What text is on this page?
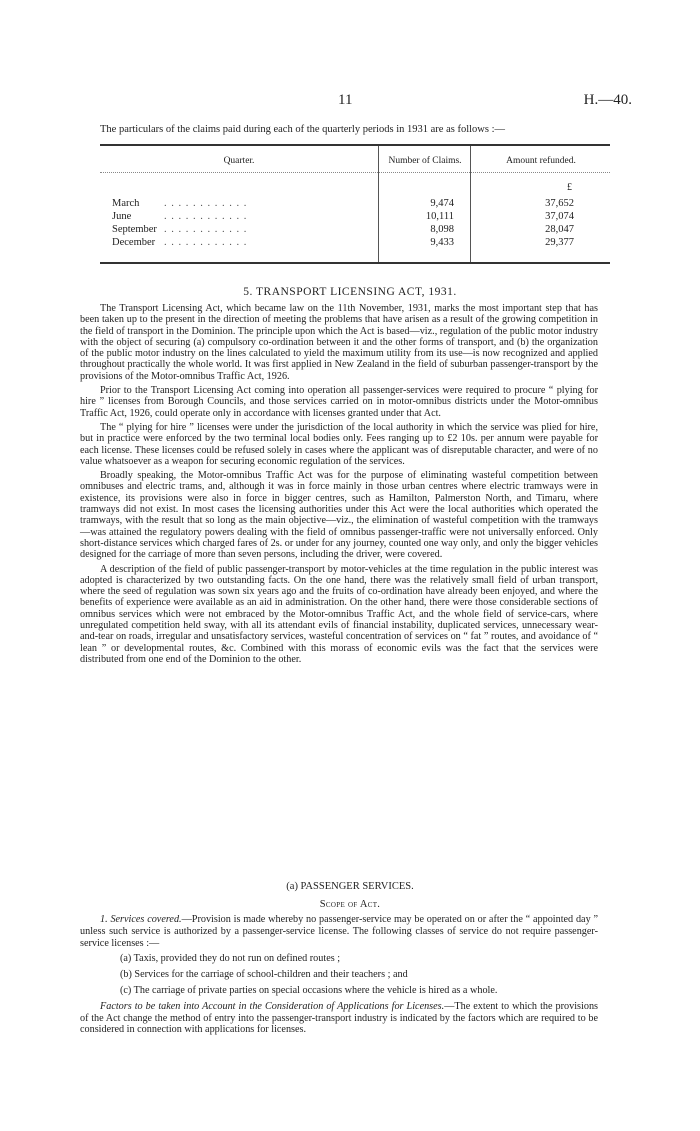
11	H.—40.
The particulars of the claims paid during each of the quarterly periods in 1931 are as follows :—
Quarter.	Number of Claims.	Amount refunded.
£
March . . . . . . . . . . . .	9,474	37,652
June	. . . . . . . . . . . .	10,111	37,074
September . . . . . . . . . . . .	8,098	28,047
December . . . . . . . . . . . .	9,433	29,377
5. TRANSPORT LICENSING ACT, 1931.

The Transport Licensing Act, which became law on the 11th November, 1931, marks the most important step that has been taken up to the present in the direction of meeting the problems that have arisen as a result of the growing competition in the field of transport in the Dominion. The principle upon which the Act is based—viz., regulation of the public motor industry with the object of securing (a) compulsory co-ordination between it and the other forms of transport, and (b) the organization of the public motor industry on the lines calculated to yield the maximum utility from its use—is now recognized and applied throughout practically the whole world. It was first applied in New Zealand in the field of suburban passenger-transport by the provisions of the Motor-omnibus Traffic Act, 1926.

Prior to the Transport Licensing Act coming into operation all passenger-services were required to procure “ plying for hire ” licenses from Borough Councils, and those services carried on in motor-omnibus districts under the Motor-omnibus Traffic Act, 1926, could operate only in accordance with licenses granted under that Act.

The “ plying for hire ” licenses were under the jurisdiction of the local authority in which the service was plied for hire, but in practice were enforced by the two terminal local bodies only. Fees ranging up to £2 10s. per annum were payable for each license. These licenses could be refused solely in cases where the applicant was of disreputable character, and were of no value whatsoever as a weapon for securing economic regulation of the services.

Broadly speaking, the Motor-omnibus Traffic Act was for the purpose of eliminating wasteful competition between omnibuses and electric trams, and, although it was in force mainly in those urban centres where electric tramways were in existence, its provisions were also in force in bigger centres, such as Hamilton, Palmerston North, and Timaru, where tramways did not exist. In most cases the licensing authorities under this Act were the local authorities which operated the tramways, with the result that so long as the main objective—viz., the elimination of wasteful competition with the tramways—was attained the regulatory powers dealing with the field of omnibus passenger-traffic were not universally enforced. Only short-distance services which charged fares of 2s. or under for any journey, counted one way only, and only the bigger vehicles designed for the carriage of more than seven persons, including the driver, were covered.

A description of the field of public passenger-transport by motor-vehicles at the time regulation in the public interest was adopted is characterized by two outstanding facts. On the one hand, there was the relatively small field of urban transport, where the seed of regulation was sown six years ago and the fruits of co-ordination have already been enjoyed, and where the benefits of experience were available as an aid in administration. On the other hand, there were those considerable sections of omnibus services which were not embraced by the Motor-omnibus Traffic Act, and the whole field of service-cars, where unregulated competition held sway, with all its attendant evils of financial instability, duplicated services, unnecessary wear-and-tear on roads, irregular and unsatisfactory services, wasteful concentration of services on “ fat ” routes, and avoidance of “ lean ” or developmental routes, &c. Combined with this morass of economic evils was the fact that the services were distributed from one end of the Dominion to the other.

(a) PASSENGER SERVICES.
Scope of Act.

1. Services covered.—Provision is made whereby no passenger-service may be operated on or after the “ appointed day ” unless such service is authorized by a passenger-service license. The following classes of service do not require passenger-service licenses :—

(a) Taxis, provided they do not run on defined routes ;
(b) Services for the carriage of school-children and their teachers ; and
(c) The carriage of private parties on special occasions where the vehicle is hired as a whole.

Factors to be taken into Account in the Consideration of Applications for Licenses.—The extent to which the provisions of the Act change the method of entry into the passenger-transport industry is indicated by the factors which are required to be considered in connection with applications for licenses.
